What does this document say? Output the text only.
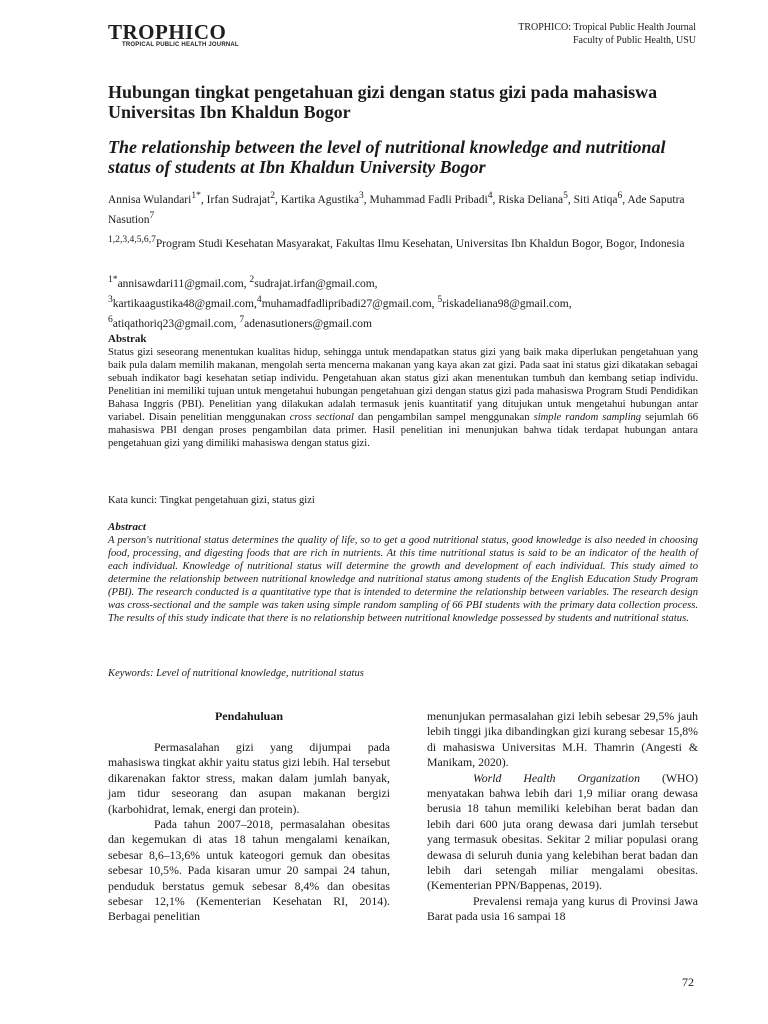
TROPHICO
TROPICAL PUBLIC HEALTH JOURNAL
TROPHICO: Tropical Public Health Journal
Faculty of Public Health, USU
Hubungan tingkat pengetahuan gizi dengan status gizi pada mahasiswa Universitas Ibn Khaldun Bogor
The relationship between the level of nutritional knowledge and nutritional status of students at Ibn Khaldun University Bogor
Annisa Wulandari$^{1*}$, Irfan Sudrajat$^2$, Kartika Agustika$^3$, Muhammad Fadli Pribadi$^4$, Riska Deliana$^5$, Siti Atiqa$^6$, Ade Saputra Nasution$^7$
$^{1,2,3,4,5,6,7}$Program Studi Kesehatan Masyarakat, Fakultas Ilmu Kesehatan, Universitas Ibn Khaldun Bogor, Bogor, Indonesia
$^{1*}$annisawdari11@gmail.com, $^2$sudrajat.irfan@gmail.com, $^3$kartikaagustika48@gmail.com,$^4$muhamadfadlipribadi27@gmail.com, $^5$riskadeliana98@gmail.com, $^6$atiqathoriq23@gmail.com, $^7$adenasutioners@gmail.com
Abstrak

Status gizi seseorang menentukan kualitas hidup, sehingga untuk mendapatkan status gizi yang baik maka diperlukan pengetahuan yang baik pula dalam memilih makanan, mengolah serta mencerna makanan yang kaya akan zat gizi. Pada saat ini status gizi dikatakan sebagai sebuah indikator bagi kesehatan setiap individu. Pengetahuan akan status gizi akan menentukan tumbuh dan kembang setiap individu. Penelitian ini memiliki tujuan untuk mengetahui hubungan pengetahuan gizi dengan status gizi pada mahasiswa Program Studi Pendidikan Bahasa Inggris (PBI). Penelitian yang dilakukan adalah termasuk jenis kuantitatif yang ditujukan untuk mengetahui hubungan antar variabel. Disain penelitian menggunakan cross sectional dan pengambilan sampel menggunakan simple random sampling sejumlah 66 mahasiswa PBI dengan proses pengambilan data primer. Hasil penelitian ini menunjukan bahwa tidak terdapat hubungan antara pengetahuan gizi yang dimiliki mahasiswa dengan status gizi.

Kata kunci: Tingkat pengetahuan gizi, status gizi
Abstract

A person's nutritional status determines the quality of life, so to get a good nutritional status, good knowledge is also needed in choosing food, processing, and digesting foods that are rich in nutrients. At this time nutritional status is said to be an indicator of the health of each individual. Knowledge of nutritional status will determine the growth and development of each individual. This study aimed to determine the relationship between nutritional knowledge and nutritional status among students of the English Education Study Program (PBI). The research conducted is a quantitative type that is intended to determine the relationship between variables. The research design was cross-sectional and the sample was taken using simple random sampling of 66 PBI students with the primary data collection process. The results of this study indicate that there is no relationship between nutritional knowledge possessed by students and nutritional status.

Keywords: Level of nutritional knowledge, nutritional status
Pendahuluan

Permasalahan gizi yang dijumpai pada mahasiswa tingkat akhir yaitu status gizi lebih. Hal tersebut dikarenakan faktor stress, makan dalam jumlah banyak, jam tidur seseorang dan asupan makanan bergizi (karbohidrat, lemak, energi dan protein).

Pada tahun 2007–2018, permasalahan obesitas dan kegemukan di atas 18 tahun mengalami kenaikan, sebesar 8,6–13,6% untuk kateogori gemuk dan obesitas sebesar 10,5%. Pada kisaran umur 20 sampai 24 tahun, penduduk berstatus gemuk sebesar 8,4% dan obesitas sebesar 12,1% (Kementerian Kesehatan RI, 2014). Berbagai penelitian

menunjukan permasalahan gizi lebih sebesar 29,5% jauh lebih tinggi jika dibandingkan gizi kurang sebesar 15,8% di mahasiswa Universitas M.H. Thamrin (Angesti & Manikam, 2020).

World Health Organization (WHO) menyatakan bahwa lebih dari 1,9 miliar orang dewasa berusia 18 tahun memiliki kelebihan berat badan dan lebih dari 600 juta orang dewasa dari jumlah tersebut yang termasuk obesitas. Sekitar 2 miliar populasi orang dewasa di seluruh dunia yang kelebihan berat badan dan lebih dari setengah miliar mengalami obesitas. (Kementerian PPN/Bappenas, 2019).

Prevalensi remaja yang kurus di Provinsi Jawa Barat pada usia 16 sampai 18

72
